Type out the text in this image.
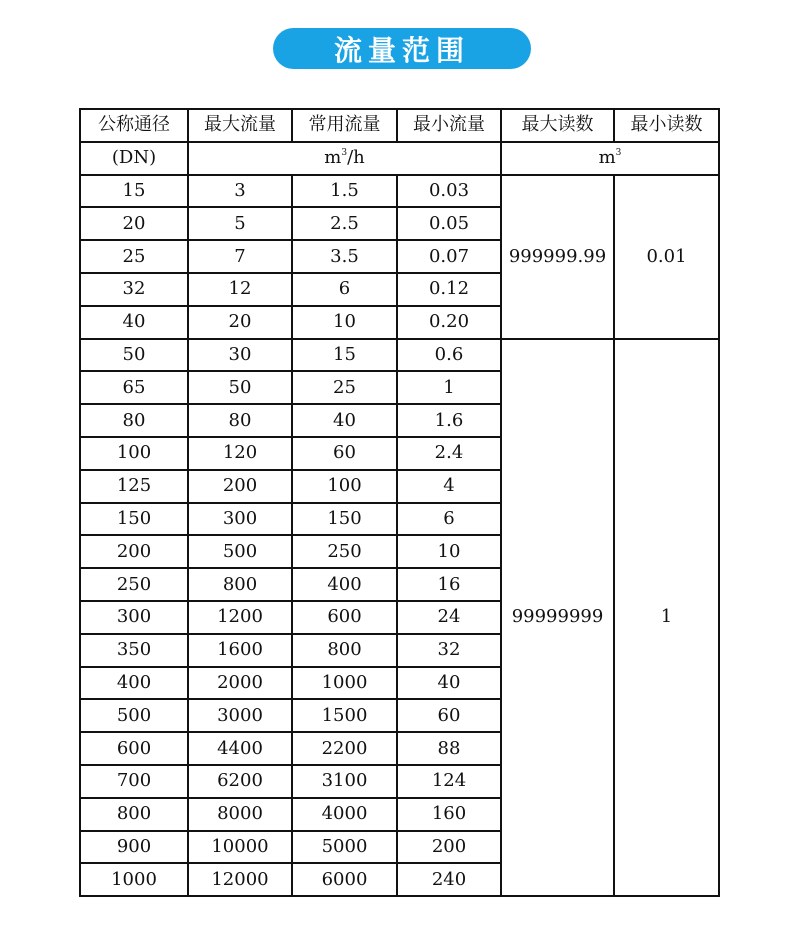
流量范围
公称通径	最大流量	常用流量	最小流量	最大读数	最小读数
(DN)	$m^3/h$			$m^3$
15	3	1.5	0.03	999999.99	0.01
20	5	2.5	0.05		
25	7	3.5	0.07		
32	12	6	0.12		
40	20	10	0.20		
50	30	15	0.6	99999999	1
65	50	25	1		
80	80	40	1.6		
100	120	60	2.4		
125	200	100	4		
150	300	150	6		
200	500	250	10		
250	800	400	16		
300	1200	600	24		
350	1600	800	32		
400	2000	1000	40		
500	3000	1500	60		
600	4400	2200	88		
700	6200	3100	124		
800	8000	4000	160		
900	10000	5000	200		
1000	12000	6000	240		
